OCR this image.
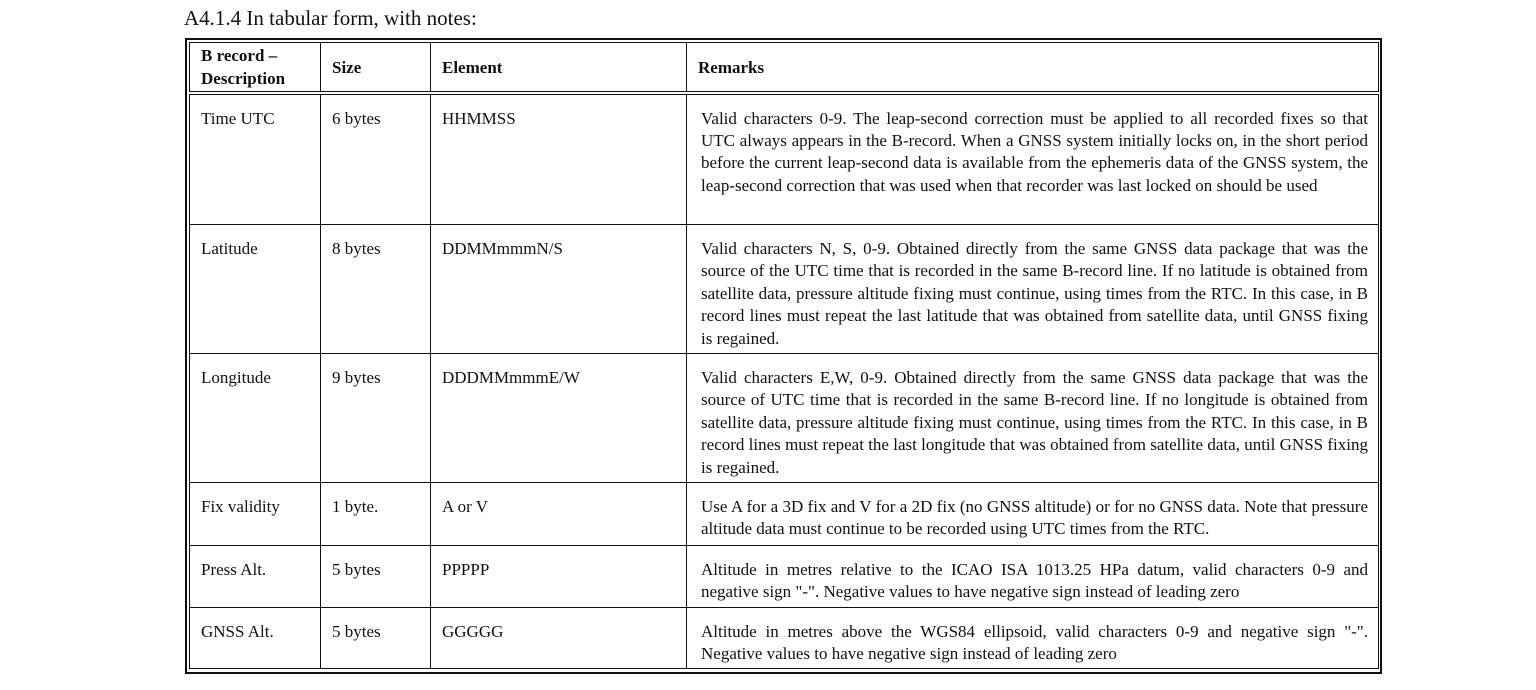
A4.1.4 In tabular form, with notes:
B record –
Description	Size	Element	Remarks
Time UTC	6 bytes	HHMMSS	Valid characters 0-9. The leap-second correction must be applied to all recorded fixes so that UTC always appears in the B-record. When a GNSS system initially locks on, in the short period before the current leap-second data is available from the ephemeris data of the GNSS system, the leap-second correction that was used when that recorder was last locked on should be used
Latitude	8 bytes	DDMMmmmN/S	Valid characters N, S, 0-9. Obtained directly from the same GNSS data package that was the source of the UTC time that is recorded in the same B-record line. If no latitude is obtained from satellite data, pressure altitude fixing must continue, using times from the RTC. In this case, in B record lines must repeat the last latitude that was obtained from satellite data, until GNSS fixing is regained.
Longitude	9 bytes	DDDMMmmmE/W	Valid characters E,W, 0-9. Obtained directly from the same GNSS data package that was the source of UTC time that is recorded in the same B-record line. If no longitude is obtained from satellite data, pressure altitude fixing must continue, using times from the RTC. In this case, in B record lines must repeat the last longitude that was obtained from satellite data, until GNSS fixing is regained.
Fix validity	1 byte.	A or V	Use A for a 3D fix and V for a 2D fix (no GNSS altitude) or for no GNSS data. Note that pressure altitude data must continue to be recorded using UTC times from the RTC.
Press Alt.	5 bytes	PPPPP	Altitude in metres relative to the ICAO ISA 1013.25 HPa datum, valid characters 0-9 and negative sign "-". Negative values to have negative sign instead of leading zero
GNSS Alt.	5 bytes	GGGGG	Altitude in metres above the WGS84 ellipsoid, valid characters 0-9 and negative sign "-". Negative values to have negative sign instead of leading zero
